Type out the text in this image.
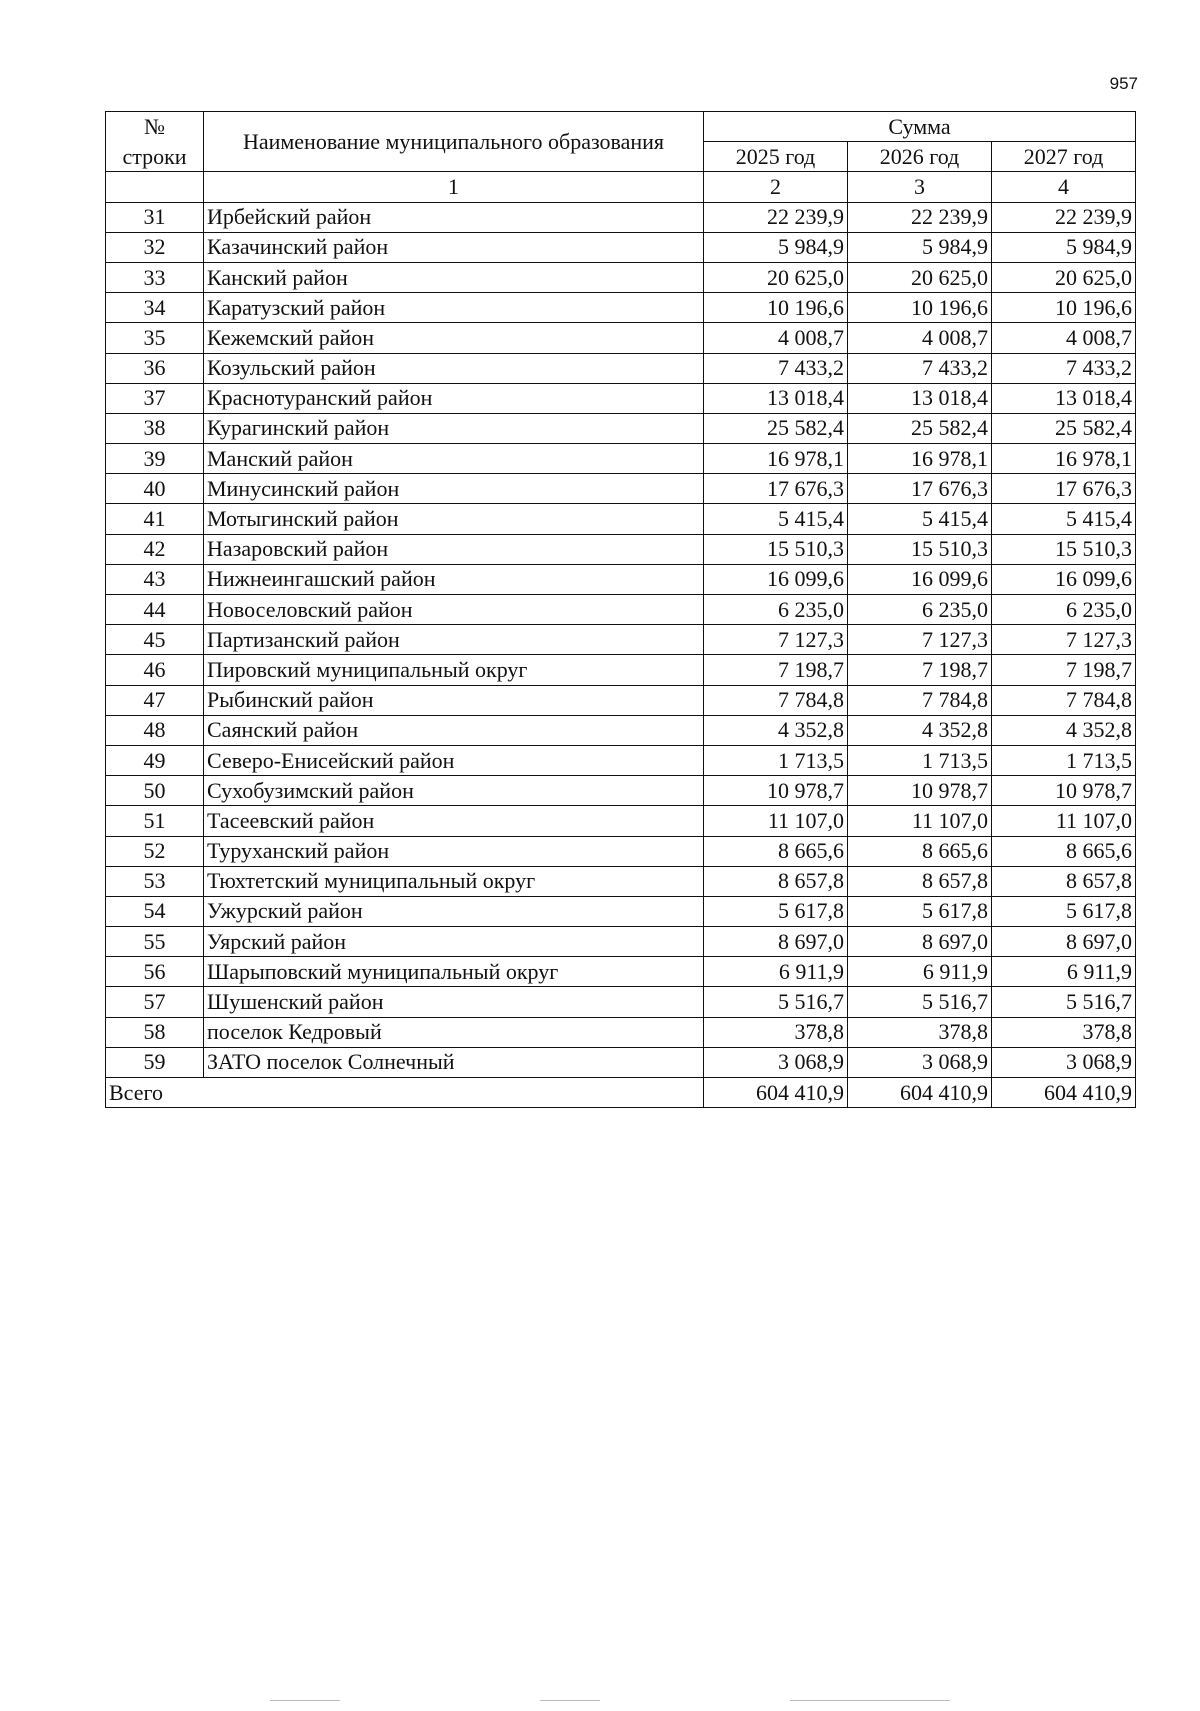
957
№
строки	Наименование муниципального образования	Сумма		
		2025 год	2026 год	2027 год
	1	2	3	4
31	Ирбейский район	22 239,9	22 239,9	22 239,9
32	Казачинский район	5 984,9	5 984,9	5 984,9
33	Канский район	20 625,0	20 625,0	20 625,0
34	Каратузский район	10 196,6	10 196,6	10 196,6
35	Кежемский район	4 008,7	4 008,7	4 008,7
36	Козульский район	7 433,2	7 433,2	7 433,2
37	Краснотуранский район	13 018,4	13 018,4	13 018,4
38	Курагинский район	25 582,4	25 582,4	25 582,4
39	Манский район	16 978,1	16 978,1	16 978,1
40	Минусинский район	17 676,3	17 676,3	17 676,3
41	Мотыгинский район	5 415,4	5 415,4	5 415,4
42	Назаровский район	15 510,3	15 510,3	15 510,3
43	Нижнеингашский район	16 099,6	16 099,6	16 099,6
44	Новоселовский район	6 235,0	6 235,0	6 235,0
45	Партизанский район	7 127,3	7 127,3	7 127,3
46	Пировский муниципальный округ	7 198,7	7 198,7	7 198,7
47	Рыбинский район	7 784,8	7 784,8	7 784,8
48	Саянский район	4 352,8	4 352,8	4 352,8
49	Северо-Енисейский район	1 713,5	1 713,5	1 713,5
50	Сухобузимский район	10 978,7	10 978,7	10 978,7
51	Тасеевский район	11 107,0	11 107,0	11 107,0
52	Туруханский район	8 665,6	8 665,6	8 665,6
53	Тюхтетский муниципальный округ	8 657,8	8 657,8	8 657,8
54	Ужурский район	5 617,8	5 617,8	5 617,8
55	Уярский район	8 697,0	8 697,0	8 697,0
56	Шарыповский муниципальный округ	6 911,9	6 911,9	6 911,9
57	Шушенский район	5 516,7	5 516,7	5 516,7
58	поселок Кедровый	378,8	378,8	378,8
59	ЗАТО поселок Солнечный	3 068,9	3 068,9	3 068,9
Всего		604 410,9	604 410,9	604 410,9
